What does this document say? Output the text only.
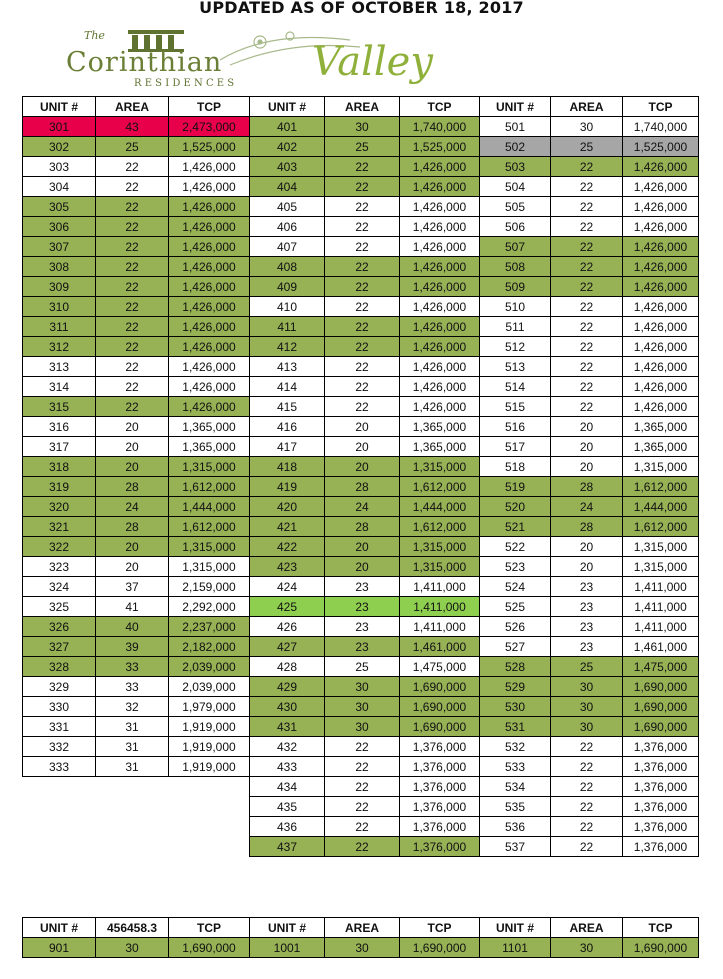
UPDATED AS OF OCTOBER 18, 2017
The
Corinthian Valley
R E S I D E N C E S
UNIT #	AREA	TCP	UNIT #	AREA	TCP	UNIT #	AREA	TCP
301	43	2,473,000	401	30	1,740,000	501	30	1,740,000
302	25	1,525,000	402	25	1,525,000	502	25	1,525,000
303	22	1,426,000	403	22	1,426,000	503	22	1,426,000
304	22	1,426,000	404	22	1,426,000	504	22	1,426,000
305	22	1,426,000	405	22	1,426,000	505	22	1,426,000
306	22	1,426,000	406	22	1,426,000	506	22	1,426,000
307	22	1,426,000	407	22	1,426,000	507	22	1,426,000
308	22	1,426,000	408	22	1,426,000	508	22	1,426,000
309	22	1,426,000	409	22	1,426,000	509	22	1,426,000
310	22	1,426,000	410	22	1,426,000	510	22	1,426,000
311	22	1,426,000	411	22	1,426,000	511	22	1,426,000
312	22	1,426,000	412	22	1,426,000	512	22	1,426,000
313	22	1,426,000	413	22	1,426,000	513	22	1,426,000
314	22	1,426,000	414	22	1,426,000	514	22	1,426,000
315	22	1,426,000	415	22	1,426,000	515	22	1,426,000
316	20	1,365,000	416	20	1,365,000	516	20	1,365,000
317	20	1,365,000	417	20	1,365,000	517	20	1,365,000
318	20	1,315,000	418	20	1,315,000	518	20	1,315,000
319	28	1,612,000	419	28	1,612,000	519	28	1,612,000
320	24	1,444,000	420	24	1,444,000	520	24	1,444,000
321	28	1,612,000	421	28	1,612,000	521	28	1,612,000
322	20	1,315,000	422	20	1,315,000	522	20	1,315,000
323	20	1,315,000	423	20	1,315,000	523	20	1,315,000
324	37	2,159,000	424	23	1,411,000	524	23	1,411,000
325	41	2,292,000	425	23	1,411,000	525	23	1,411,000
326	40	2,237,000	426	23	1,411,000	526	23	1,411,000
327	39	2,182,000	427	23	1,461,000	527	23	1,461,000
328	33	2,039,000	428	25	1,475,000	528	25	1,475,000
329	33	2,039,000	429	30	1,690,000	529	30	1,690,000
330	32	1,979,000	430	30	1,690,000	530	30	1,690,000
331	31	1,919,000	431	30	1,690,000	531	30	1,690,000
332	31	1,919,000	432	22	1,376,000	532	22	1,376,000
333	31	1,919,000	433	22	1,376,000	533	22	1,376,000
			434	22	1,376,000	534	22	1,376,000
			435	22	1,376,000	535	22	1,376,000
			436	22	1,376,000	536	22	1,376,000
			437	22	1,376,000	537	22	1,376,000
UNIT #	456458.3	TCP	UNIT #	AREA	TCP	UNIT #	AREA	TCP
901	30	1,690,000	1001	30	1,690,000	1101	30	1,690,000
